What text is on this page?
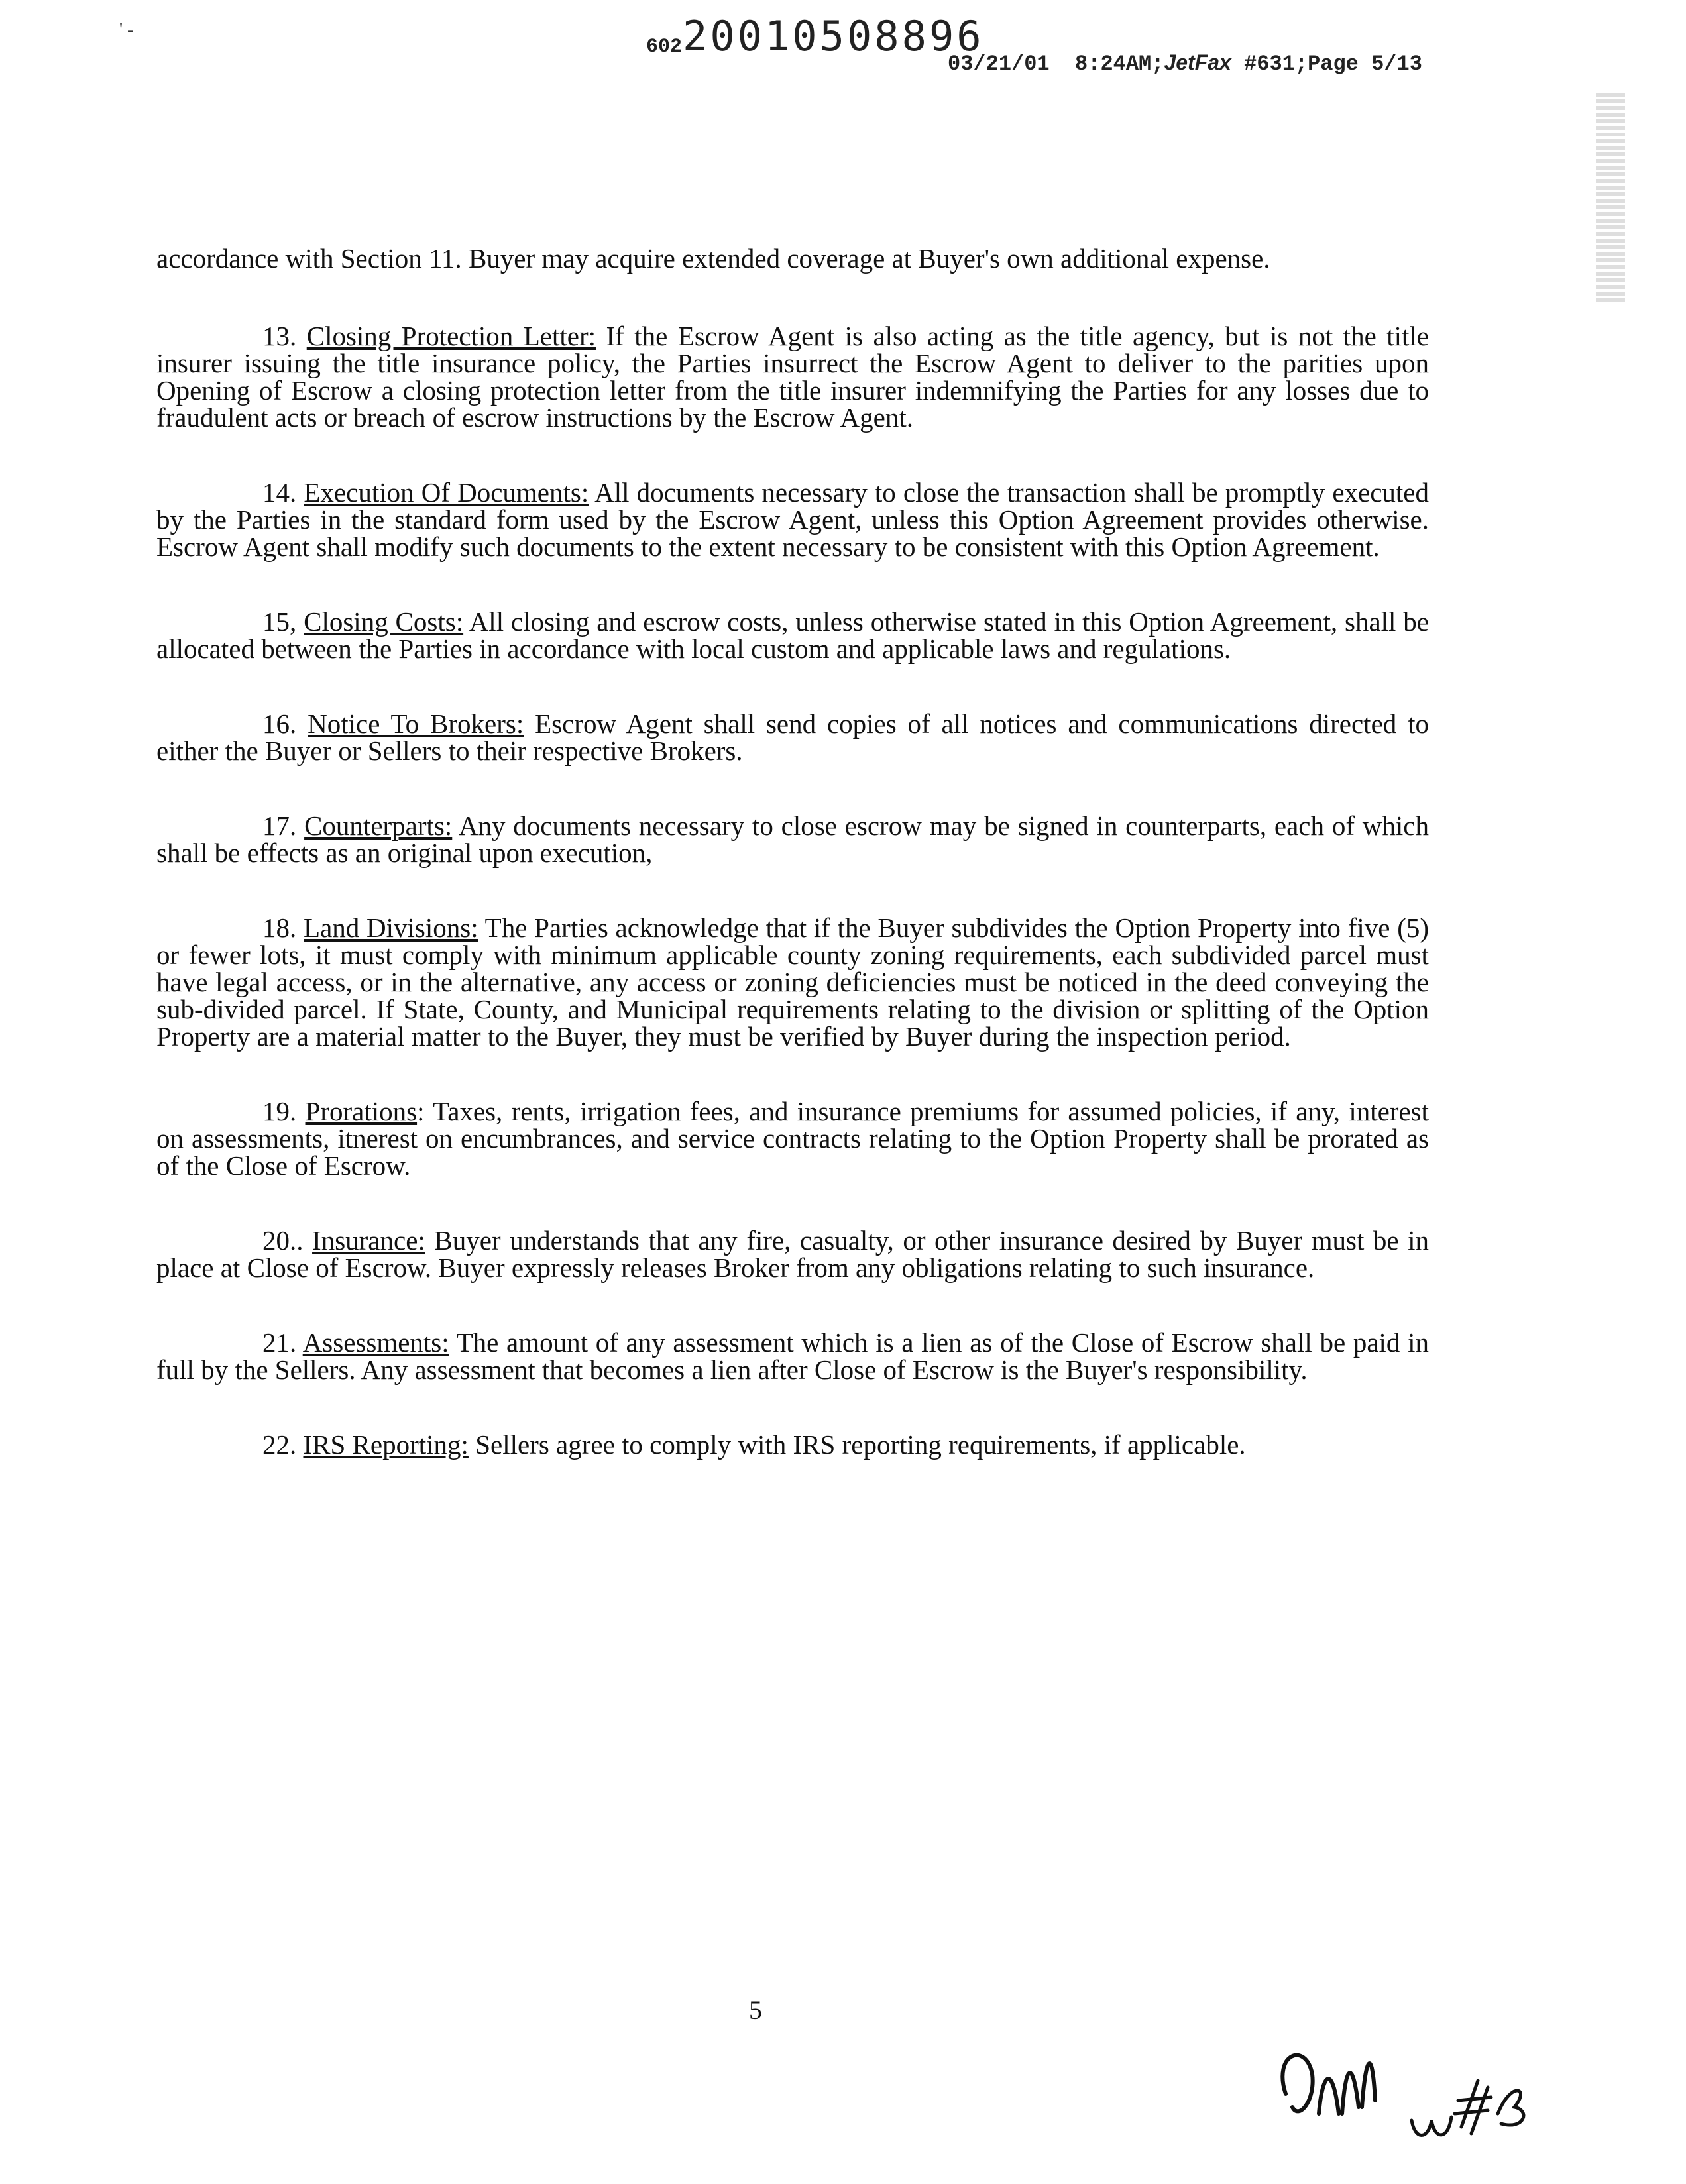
' -	20010508896
602
03/21/01 8:24AM;JetFax #631;Page 5/13

accordance with Section 11. Buyer may acquire extended coverage at Buyer's own additional expense.

13. Closing Protection Letter: If the Escrow Agent is also acting as the title agency, but is not the title insurer issuing the title insurance policy, the Parties insurrect the Escrow Agent to deliver to the parities upon Opening of Escrow a closing protection letter from the title insurer indemnifying the Parties for any losses due to fraudulent acts or breach of escrow instructions by the Escrow Agent.

14. Execution Of Documents: All documents necessary to close the transaction shall be promptly executed by the Parties in the standard form used by the Escrow Agent, unless this Option Agreement provides otherwise. Escrow Agent shall modify such documents to the extent necessary to be consistent with this Option Agreement.

15, Closing Costs: All closing and escrow costs, unless otherwise stated in this Option Agreement, shall be allocated between the Parties in accordance with local custom and applicable laws and regulations.

16. Notice To Brokers: Escrow Agent shall send copies of all notices and communications directed to either the Buyer or Sellers to their respective Brokers.

17. Counterparts: Any documents necessary to close escrow may be signed in counterparts, each of which shall be effects as an original upon execution,

18. Land Divisions: The Parties acknowledge that if the Buyer subdivides the Option Property into five (5) or fewer lots, it must comply with minimum applicable county zoning requirements, each subdivided parcel must have legal access, or in the alternative, any access or zoning deficiencies must be noticed in the deed conveying the sub-divided parcel. If State, County, and Municipal requirements relating to the division or splitting of the Option Property are a material matter to the Buyer, they must be verified by Buyer during the inspection period.

19. Prorations: Taxes, rents, irrigation fees, and insurance premiums for assumed policies, if any, interest on assessments, itnerest on encumbrances, and service contracts relating to the Option Property shall be prorated as of the Close of Escrow.

20.. Insurance: Buyer understands that any fire, casualty, or other insurance desired by Buyer must be in place at Close of Escrow. Buyer expressly releases Broker from any obligations relating to such insurance.

21. Assessments: The amount of any assessment which is a lien as of the Close of Escrow shall be paid in full by the Sellers. Any assessment that becomes a lien after Close of Escrow is the Buyer's responsibility.

22. IRS Reporting: Sellers agree to comply with IRS reporting requirements, if applicable.

5
